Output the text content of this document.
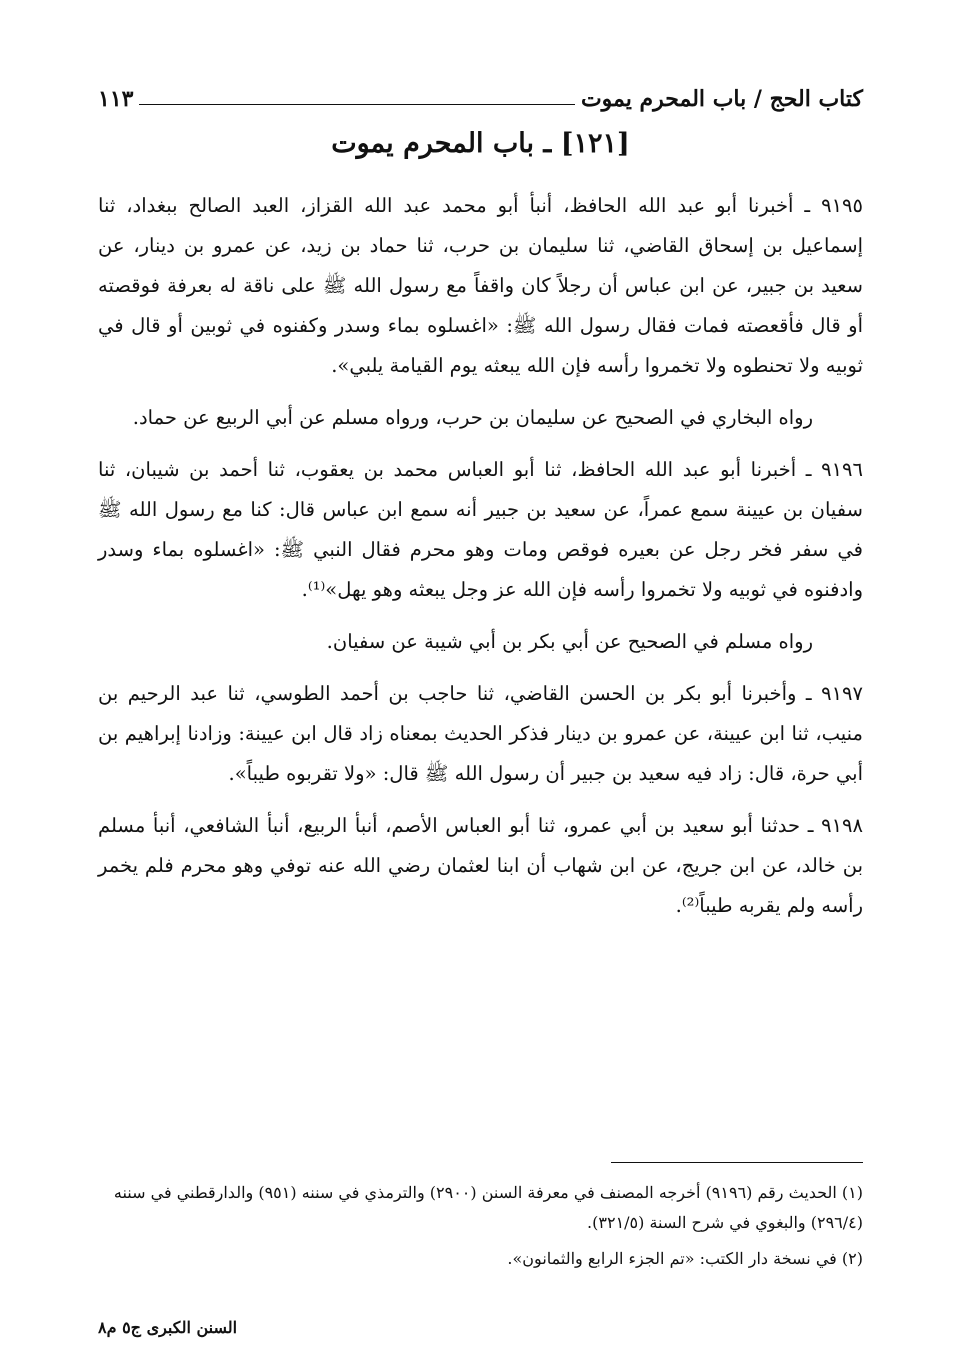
كتاب الحج / باب المحرم يموت
١١٣
[١٢١] ـ باب المحرم يموت

٩١٩٥ ـ أخبرنا أبو عبد الله الحافظ، أنبأ أبو محمد عبد الله القزاز، العبد الصالح ببغداد، ثنا إسماعيل بن إسحاق القاضي، ثنا سليمان بن حرب، ثنا حماد بن زيد، عن عمرو بن دينار، عن سعيد بن جبير، عن ابن عباس أن رجلاً كان واقفاً مع رسول الله ﷺ على ناقة له بعرفة فوقصته أو قال فأقعصته فمات فقال رسول الله ﷺ: «اغسلوه بماء وسدر وكفنوه في ثوبين أو قال في ثوبيه ولا تحنطوه ولا تخمروا رأسه فإن الله يبعثه يوم القيامة يلبي».

رواه البخاري في الصحيح عن سليمان بن حرب، ورواه مسلم عن أبي الربيع عن حماد.

٩١٩٦ ـ أخبرنا أبو عبد الله الحافظ، ثنا أبو العباس محمد بن يعقوب، ثنا أحمد بن شيبان، ثنا سفيان بن عيينة سمع عمراً، عن سعيد بن جبير أنه سمع ابن عباس قال: كنا مع رسول الله ﷺ في سفر فخر رجل عن بعيره فوقص ومات وهو محرم فقال النبي ﷺ: «اغسلوه بماء وسدر وادفنوه في ثوبيه ولا تخمروا رأسه فإن الله عز وجل يبعثه وهو يهل»⁽¹⁾.

رواه مسلم في الصحيح عن أبي بكر بن أبي شيبة عن سفيان.

٩١٩٧ ـ وأخبرنا أبو بكر بن الحسن القاضي، ثنا حاجب بن أحمد الطوسي، ثنا عبد الرحيم بن منيب، ثنا ابن عيينة، عن عمرو بن دينار فذكر الحديث بمعناه زاد قال ابن عيينة: وزادنا إبراهيم بن أبي حرة، قال: زاد فيه سعيد بن جبير أن رسول الله ﷺ قال: «ولا تقربوه طيباً».

٩١٩٨ ـ حدثنا أبو سعيد بن أبي عمرو، ثنا أبو العباس الأصم، أنبأ الربيع، أنبأ الشافعي، أنبأ مسلم بن خالد، عن ابن جريج، عن ابن شهاب أن ابنا لعثمان رضي الله عنه توفي وهو محرم فلم يخمر رأسه ولم يقربه طيباً⁽²⁾.

(١) الحديث رقم (٩١٩٦) أخرجه المصنف في معرفة السنن (٢٩٠٠) والترمذي في سننه (٩٥١) والدارقطني في سننه (٢٩٦/٤) والبغوي في شرح السنة (٣٢١/٥).

(٢) في نسخة دار الكتب: «تم الجزء الرابع والثمانون».

السنن الكبرى ج٥ م٨
